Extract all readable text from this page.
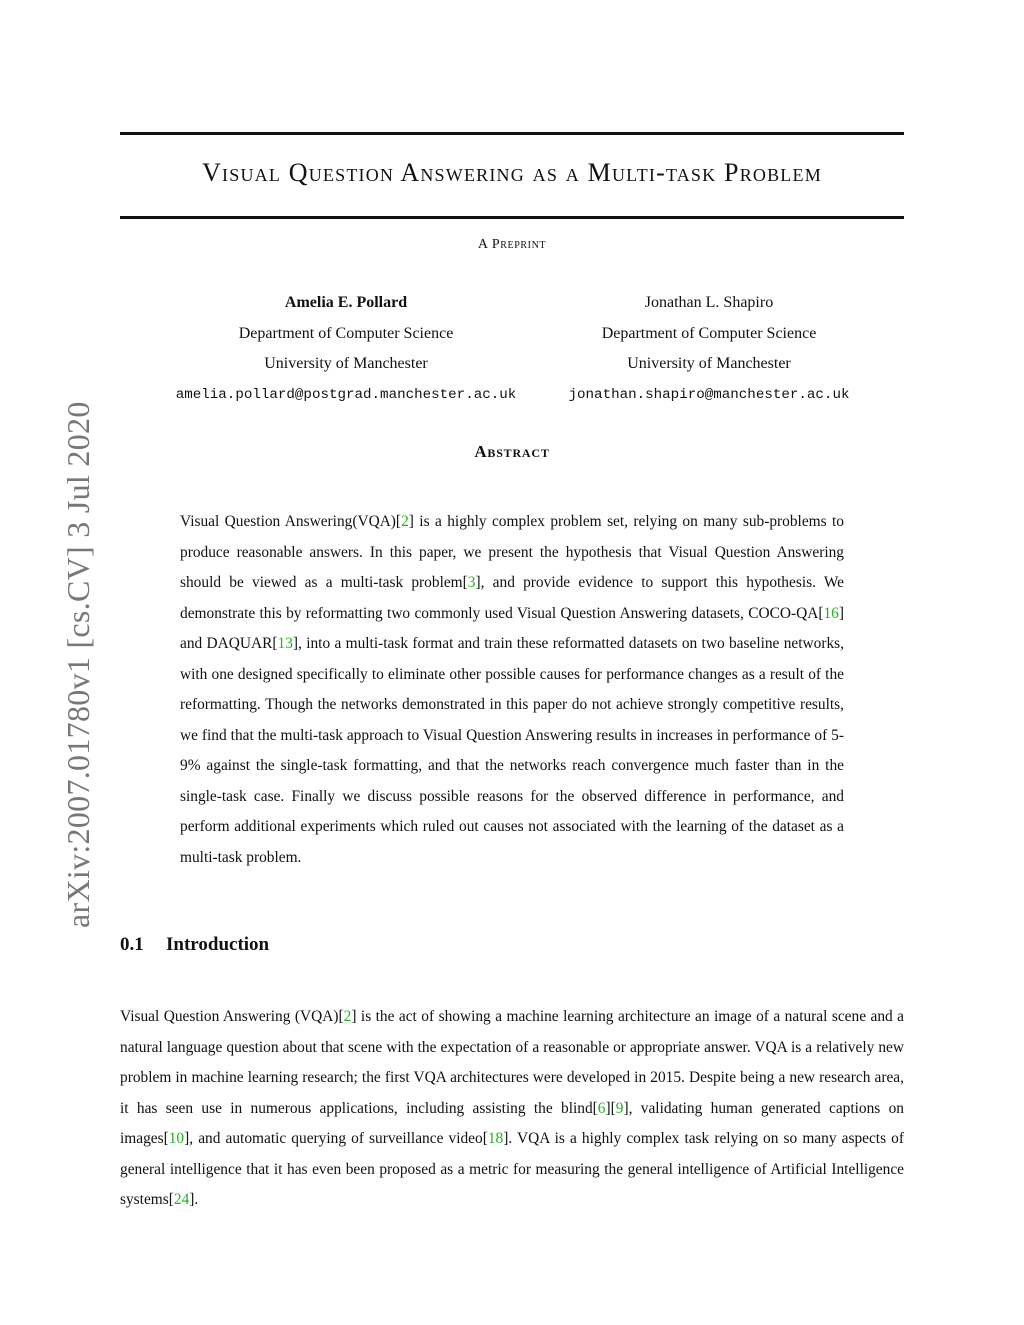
arXiv:2007.01780v1 [cs.CV] 3 Jul 2020
Visual Question Answering as a Multi-task Problem
A Preprint
Amelia E. Pollard
Department of Computer Science
University of Manchester
amelia.pollard@postgrad.manchester.ac.uk
Jonathan L. Shapiro
Department of Computer Science
University of Manchester
jonathan.shapiro@manchester.ac.uk
Abstract
Visual Question Answering(VQA)[2] is a highly complex problem set, relying on many sub-problems to produce reasonable answers. In this paper, we present the hypothesis that Visual Question Answering should be viewed as a multi-task problem[3], and provide evidence to support this hypothesis. We demonstrate this by reformatting two commonly used Visual Question Answering datasets, COCO-QA[16] and DAQUAR[13], into a multi-task format and train these reformatted datasets on two baseline networks, with one designed specifically to eliminate other possible causes for performance changes as a result of the reformatting. Though the networks demonstrated in this paper do not achieve strongly competitive results, we find that the multi-task approach to Visual Question Answering results in increases in performance of 5-9% against the single-task formatting, and that the networks reach convergence much faster than in the single-task case. Finally we discuss possible reasons for the observed difference in performance, and perform additional experiments which ruled out causes not associated with the learning of the dataset as a multi-task problem.
0.1 Introduction
Visual Question Answering (VQA)[2] is the act of showing a machine learning architecture an image of a natural scene and a natural language question about that scene with the expectation of a reasonable or appropriate answer. VQA is a relatively new problem in machine learning research; the first VQA architectures were developed in 2015. Despite being a new research area, it has seen use in numerous applications, including assisting the blind[6][9], validating human generated captions on images[10], and automatic querying of surveillance video[18]. VQA is a highly complex task relying on so many aspects of general intelligence that it has even been proposed as a metric for measuring the general intelligence of Artificial Intelligence systems[24].
